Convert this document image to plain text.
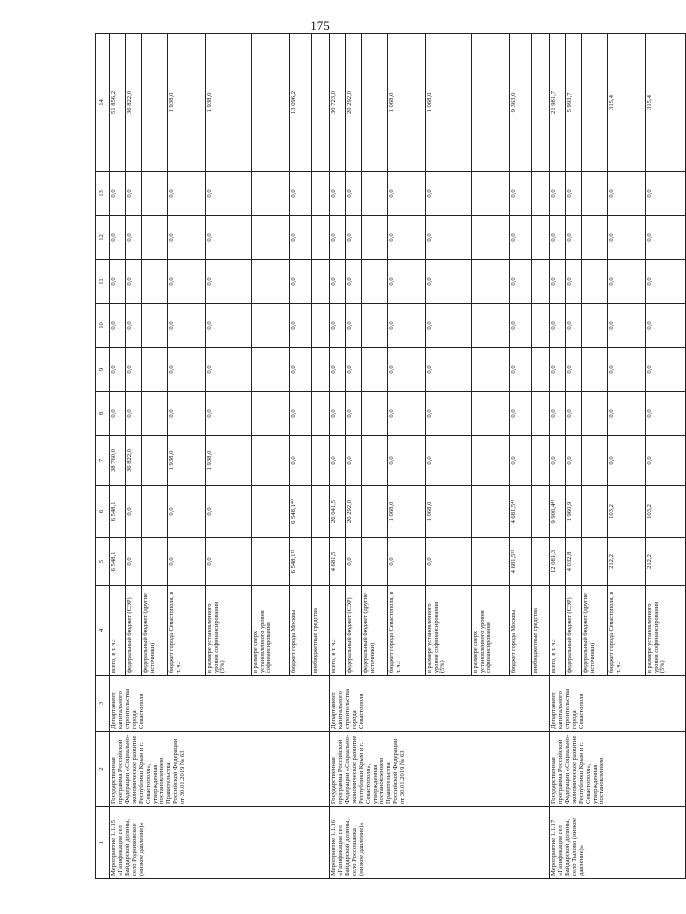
175
1	2	3	4	5	6	7	8	9	10	11	12	13	14
Мероприятие 1.1.15 «Газификация сел Байдарской долины, село Родниковское (низкое давление)»	Государственная программа Российской Федерации «Социально-экономическое развитие Республики Крым и г. Севастополя», утвержденная постановлением Правительства Российской Федерации от 30.01.2019 № 63	Департамент капитального строительства города Севастополя	всего, в т. ч.:	6 548,1	6 548,1	38 760,0	0,0	0,0	0,0	0,0	0,0	0,0	51 856,2
			федеральный бюджет (СЭР)	0,0	0,0	36 822,0	0,0	0,0	0,0	0,0	0,0	0,0	36 822,0
			федеральный бюджет (другие источники)										
			бюджет города Севастополя, в т. ч.:	0,0	0,0	1 938,0	0,0	0,0	0,0	0,0	0,0	0,0	1 938,0
			в размере установленного уровня софинансирования (5%)	0,0	0,0	1 938,0	0,0	0,0	0,0	0,0	0,0	0,0	1 938,0
			в размере сверх установленного уровня софинансирования										
			бюджет города Москвы	6 548,1¹²	6 548,1⁴⁰	0,0	0,0	0,0	0,0	0,0	0,0	0,0	13 096,2
			внебюджетные средства										
Мероприятие 1.1.16 «Газификация сел Байдарской долины, село Россошанка (низкое давление)»	Государственная программа Российской Федерации «Социально-экономическое развитие Республики Крым и г. Севастополя», утвержденная постановлением Правительства Российской Федерации от 30.01.2019 № 63	Департамент капитального строительства города Севастополя	всего, в т. ч.:	4 681,5	26 041,5	0,0	0,0	0,0	0,0	0,0	0,0	0,0	30 723,0
			федеральный бюджет (СЭР)	0,0	20 292,0	0,0	0,0	0,0	0,0	0,0	0,0	0,0	20 292,0
			федеральный бюджет (другие источники)										
			бюджет города Севастополя, в т. ч.:	0,0	1 068,0	0,0	0,0	0,0	0,0	0,0	0,0	0,0	1 068,0
			в размере установленного уровня софинансирования (5%)	0,0	1 068,0	0,0	0,0	0,0	0,0	0,0	0,0	0,0	1 068,0
			в размере сверх установленного уровня софинансирования										
			бюджет города Москвы	4 681,5²²	4 681,5⁴¹	0,0	0,0	0,0	0,0	0,0	0,0	0,0	9 363,0
			внебюджетные средства										
Мероприятие 1.1.17 «Газификация сел Байдарской долины, село Тылово (низкое давление)»	Государственная программа Российской Федерации «Социально-экономическое развитие Республики Крым и г. Севастополя», утвержденная постановлением	Департамент капитального строительства города Севастополя	всего, в т. ч.:	12 081,3	9 900,4⁴²	0,0	0,0	0,0	0,0	0,0	0,0	0,0	21 981,7
			федеральный бюджет (СЭР)	4 032,8	1 960,9	0,0	0,0	0,0	0,0	0,0	0,0	0,0	5 993,7
			федеральный бюджет (другие источники)										
			бюджет города Севастополя, в т. ч.:	212,2	103,2	0,0	0,0	0,0	0,0	0,0	0,0	0,0	315,4
			в размере установленного уровня софинансирования (5%)	212,2	103,2	0,0	0,0	0,0	0,0	0,0	0,0	0,0	315,4
